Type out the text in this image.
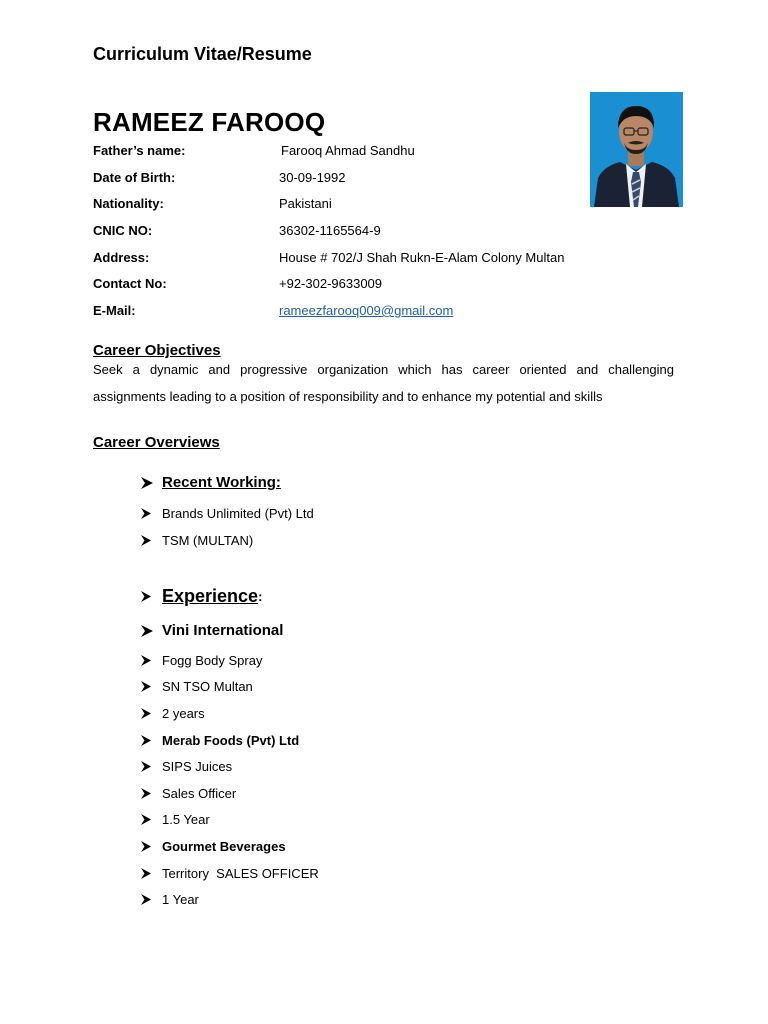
Curriculum Vitae/Resume
RAMEEZ FAROOQ
Father’s name:	Farooq Ahmad Sandhu
Date of Birth:	30-09-1992
Nationality:	Pakistani
CNIC NO:	36302-1165564-9
Address:	House # 702/J Shah Rukn-E-Alam Colony Multan
Contact No:	+92-302-9633009
E-Mail:	rameezfarooq009@gmail.com
Career Objectives
Seek a dynamic and progressive organization which has career oriented and challenging
assignments leading to a position of responsibility and to enhance my potential and skills
Career Overviews
Recent Working:
Brands Unlimited (Pvt) Ltd
TSM (MULTAN)
Experience :
Vini International
Fogg Body Spray
SN TSO Multan
2 years
Merab Foods (Pvt) Ltd
SIPS Juices
Sales Officer
1.5 Year
Gourmet Beverages
Territory  SALES OFFICER
1 Year
